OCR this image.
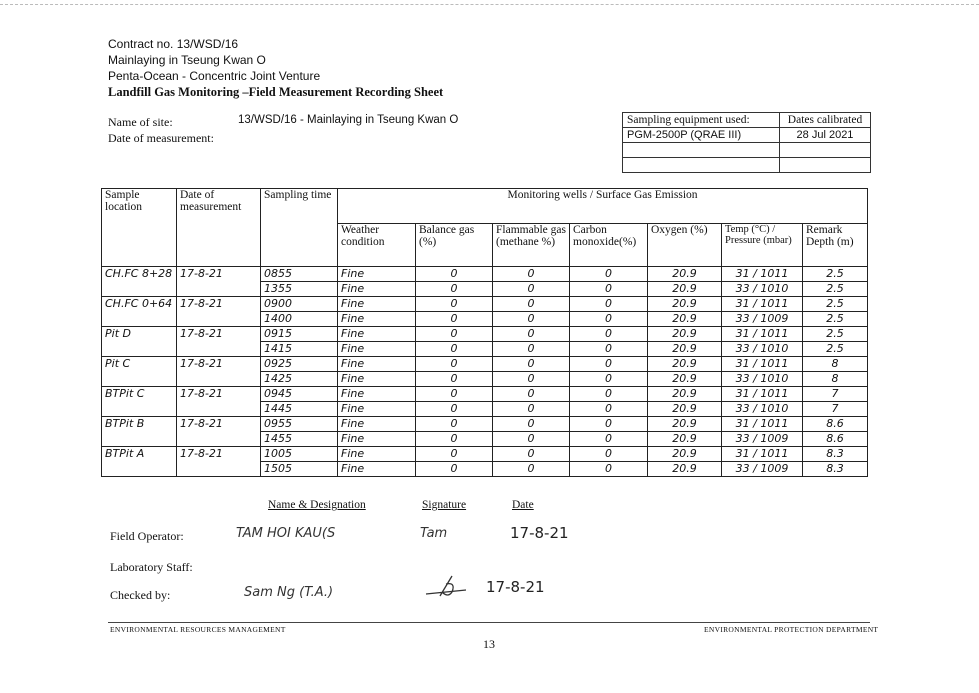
Contract no. 13/WSD/16
Mainlaying in Tseung Kwan O
Penta-Ocean - Concentric Joint Venture
Landfill Gas Monitoring –Field Measurement Recording Sheet
Name of site:
Date of measurement:
13/WSD/16 - Mainlaying in Tseung Kwan O	Sampling equipment used:	Dates calibrated
PGM-2500P (QRAE III)	28 Jul 2021

Sample location	Date of measurement	Sampling time	Monitoring wells / Surface Gas Emission						
			Weather condition	Balance gas (%)	Flammable gas (methane %)	Carbon monoxide(%)	Oxygen (%)	Temp (°C) / Pressure (mbar)	Remark Depth (m)
CH.FC 8+28	17-8-21	0855	Fine	0	0	0	20.9	31 / 1011	2.5
		1355	Fine	0	0	0	20.9	33 / 1010	2.5
CH.FC 0+64	17-8-21	0900	Fine	0	0	0	20.9	31 / 1011	2.5
		1400	Fine	0	0	0	20.9	33 / 1009	2.5
Pit D	17-8-21	0915	Fine	0	0	0	20.9	31 / 1011	2.5
		1415	Fine	0	0	0	20.9	33 / 1010	2.5
Pit C	17-8-21	0925	Fine	0	0	0	20.9	31 / 1011	8
		1425	Fine	0	0	0	20.9	33 / 1010	8
BTPit C	17-8-21	0945	Fine	0	0	0	20.9	31 / 1011	7
		1445	Fine	0	0	0	20.9	33 / 1010	7
BTPit B	17-8-21	0955	Fine	0	0	0	20.9	31 / 1011	8.6
		1455	Fine	0	0	0	20.9	33 / 1009	8.6
BTPit A	17-8-21	1005	Fine	0	0	0	20.9	31 / 1011	8.3
		1505	Fine	0	0	0	20.9	33 / 1009	8.3
Name & Designation	Signature	Date
Field Operator:	TAM HOI KAU(S	Tam	17-8-21
Laboratory Staff:
Checked by:	Sam Ng (T.A.)	17-8-21
ENVIRONMENTAL RESOURCES MANAGEMENT	ENVIRONMENTAL PROTECTION DEPARTMENT
13
